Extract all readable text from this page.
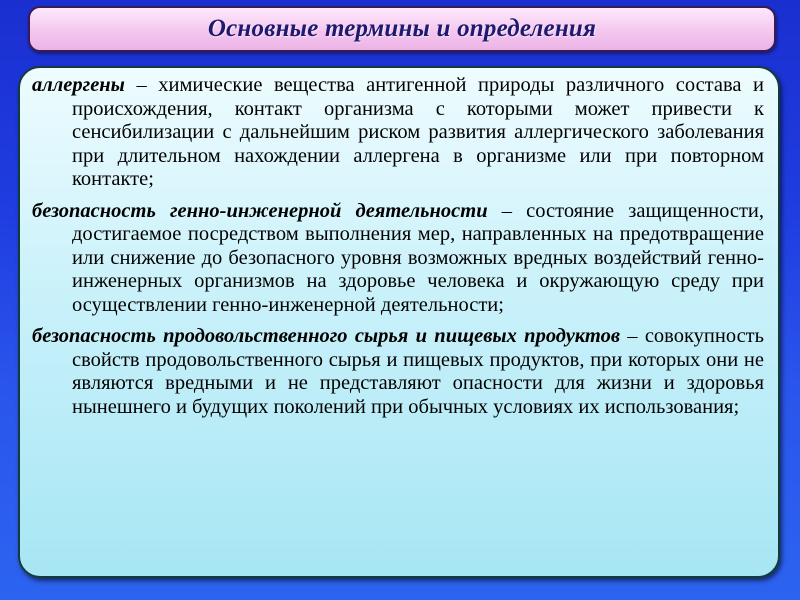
Основные термины и определения

аллергены – химические вещества антигенной природы различного состава и происхождения, контакт организма с которыми может привести к сенсибилизации с дальнейшим риском развития аллергического заболевания при длительном нахождении аллергена в организме или при повторном контакте;

безопасность генно-инженерной деятельности – состояние защищенности, достигаемое посредством выполнения мер, направленных на предотвращение или снижение до безопасного уровня возможных вредных воздействий генно-инженерных организмов на здоровье человека и окружающую среду при осуществлении генно-инженерной деятельности;

безопасность продовольственного сырья и пищевых продуктов – совокупность свойств продовольственного сырья и пищевых продуктов, при которых они не являются вредными и не представляют опасности для жизни и здоровья нынешнего и будущих поколений при обычных условиях их использования;
